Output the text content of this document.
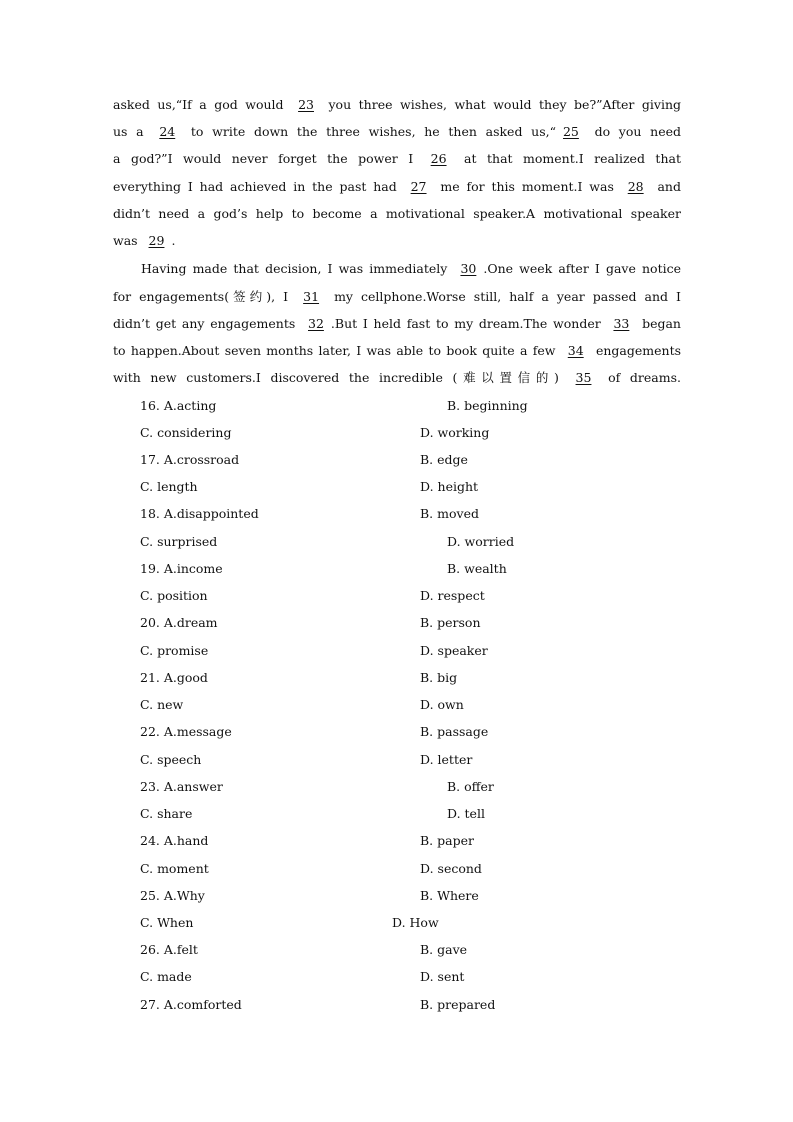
asked us,“If a god would 23 you three wishes, what would they be?”After giving
us a 24 to write down the three wishes, he then asked us,“ 25 do you need
a god?”I would never forget the power I 26 at that moment.I realized that
everything I had achieved in the past had 27 me for this moment.I was 28 and
didn’t need a god’s help to become a motivational speaker.A motivational speaker
was 29 .
Having made that decision, I was immediately 30 .One week after I gave notice
for engagements(签约), I 31 my cellphone.Worse still, half a year passed and I
didn’t get any engagements 32 .But I held fast to my dream.The wonder 33 began
to happen.About seven months later, I was able to book quite a few 34 engagements
with new customers.I discovered the incredible (难以置信的) 35 of dreams.
16. A.acting	B. beginning
C. considering	D. working
17. A.crossroad	B. edge
C. length	D. height
18. A.disappointed	B. moved
C. surprised	D. worried
19. A.income	B. wealth
C. position	D. respect
20. A.dream	B. person
C. promise	D. speaker
21. A.good	B. big
C. new	D. own
22. A.message	B. passage
C. speech	D. letter
23. A.answer	B. offer
C. share	D. tell
24. A.hand	B. paper
C. moment	D. second
25. A.Why	B. Where
C. When	D. How
26. A.felt	B. gave
C. made	D. sent
27. A.comforted	B. prepared
